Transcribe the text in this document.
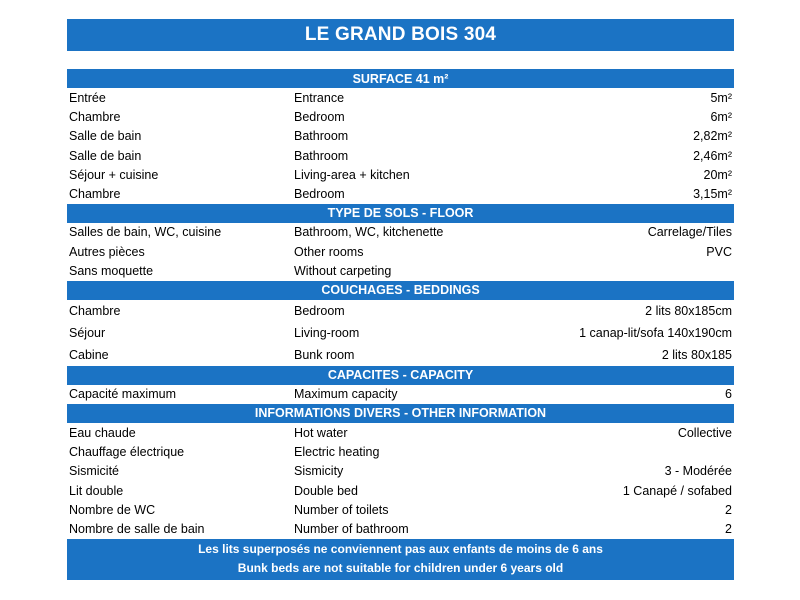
LE GRAND BOIS 304
SURFACE 41 m²
Entrée	Entrance	5m²
Chambre	Bedroom	6m²
Salle de bain	Bathroom	2,82m²
Salle de bain	Bathroom	2,46m²
Séjour + cuisine	Living-area + kitchen	20m²
Chambre	Bedroom	3,15m²
TYPE DE SOLS - FLOOR
Salles de bain, WC, cuisine	Bathroom, WC, kitchenette	Carrelage/Tiles
Autres pièces	Other rooms	PVC
Sans moquette	Without carpeting
COUCHAGES - BEDDINGS
Chambre	Bedroom	2 lits 80x185cm
Séjour	Living-room	1 canap-lit/sofa 140x190cm
Cabine	Bunk room	2 lits 80x185
CAPACITES - CAPACITY
Capacité maximum	Maximum capacity	6
INFORMATIONS DIVERS - OTHER INFORMATION
Eau chaude	Hot water	Collective
Chauffage électrique	Electric heating
Sismicité	Sismicity	3 - Modérée
Lit double	Double bed	1 Canapé / sofabed
Nombre de WC	Number of toilets	2
Nombre de salle de bain	Number of bathroom	2
Les lits superposés ne conviennent pas aux enfants de moins de 6 ans
Bunk beds are not suitable for children under 6 years old
